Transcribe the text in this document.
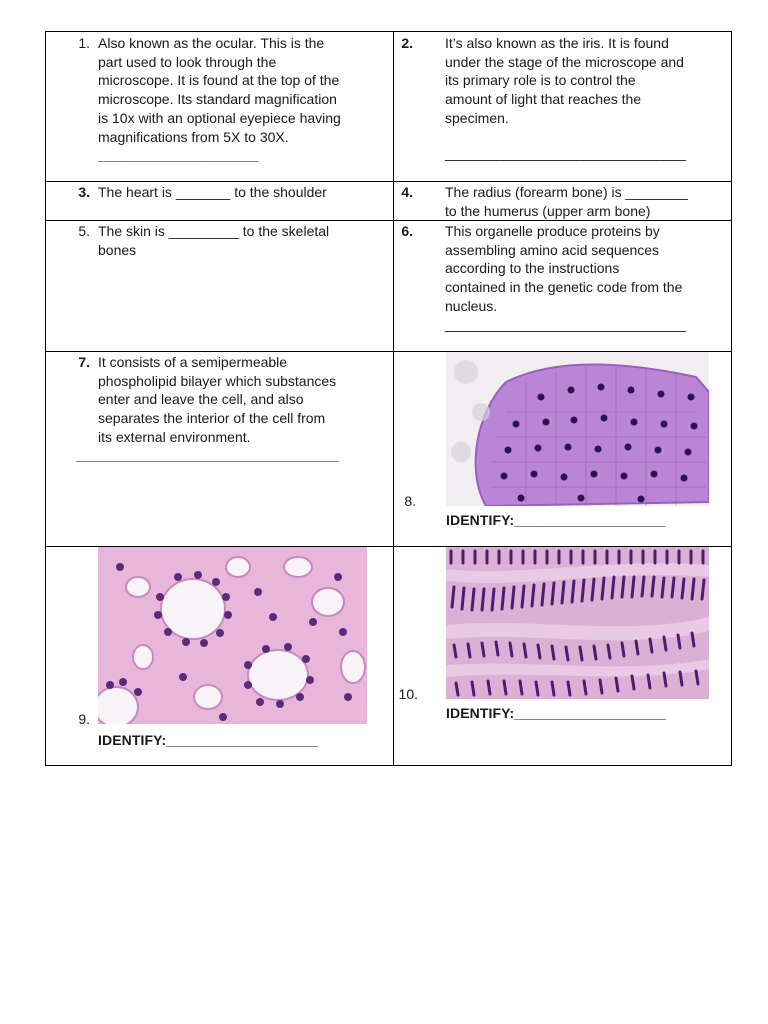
1. Also known as the ocular. This is the
part used to look through the
microscope. It is found at the top of the
microscope. Its standard magnification
is 10x with an optional eyepiece having
magnifications from 5X to 30X.
______________________
2. It’s also known as the iris. It is found
under the stage of the microscope and
its primary role is to control the
amount of light that reaches the
specimen.
_________________________________
3. The heart is _______ to the shoulder	4. The radius (forearm bone) is ________
to the humerus (upper arm bone)
5. The skin is _________ to the skeletal
bones
6. This organelle produce proteins by
assembling amino acid sequences
according to the instructions
contained in the genetic code from the
nucleus.
_________________________________
7. It consists of a semipermeable
phospholipid bilayer which substances
enter and leave the cell, and also
separates the interior of the cell from
its external environment.
____________________________________
8.
IDENTIFY:_____________________
9.
IDENTIFY:_____________________
10.
IDENTIFY:_____________________
